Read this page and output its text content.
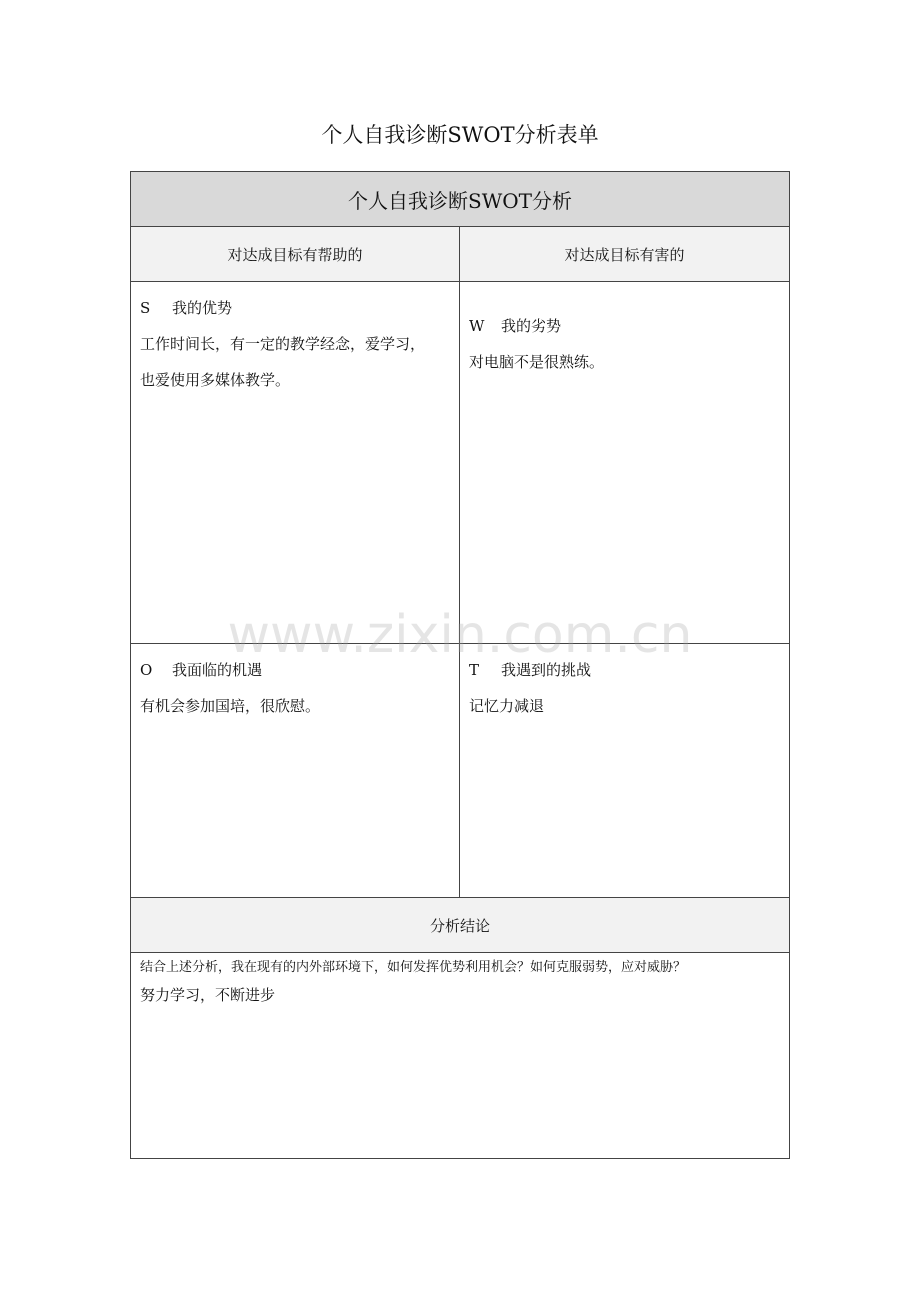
个人自我诊断SWOT分析表单
个人自我诊断SWOT分析
对达成目标有帮助的	对达成目标有害的
S 我的优势
工作时间长，有一定的教学经念，爱学习，
也爱使用多媒体教学。
W 我的劣势
对电脑不是很熟练。
O 我面临的机遇
有机会参加国培，很欣慰。
T 我遇到的挑战
记忆力减退
分析结论
结合上述分析，我在现有的内外部环境下，如何发挥优势利用机会？如何克服弱势，应对威胁？
努力学习，不断进步
www.zixin.com.cn
